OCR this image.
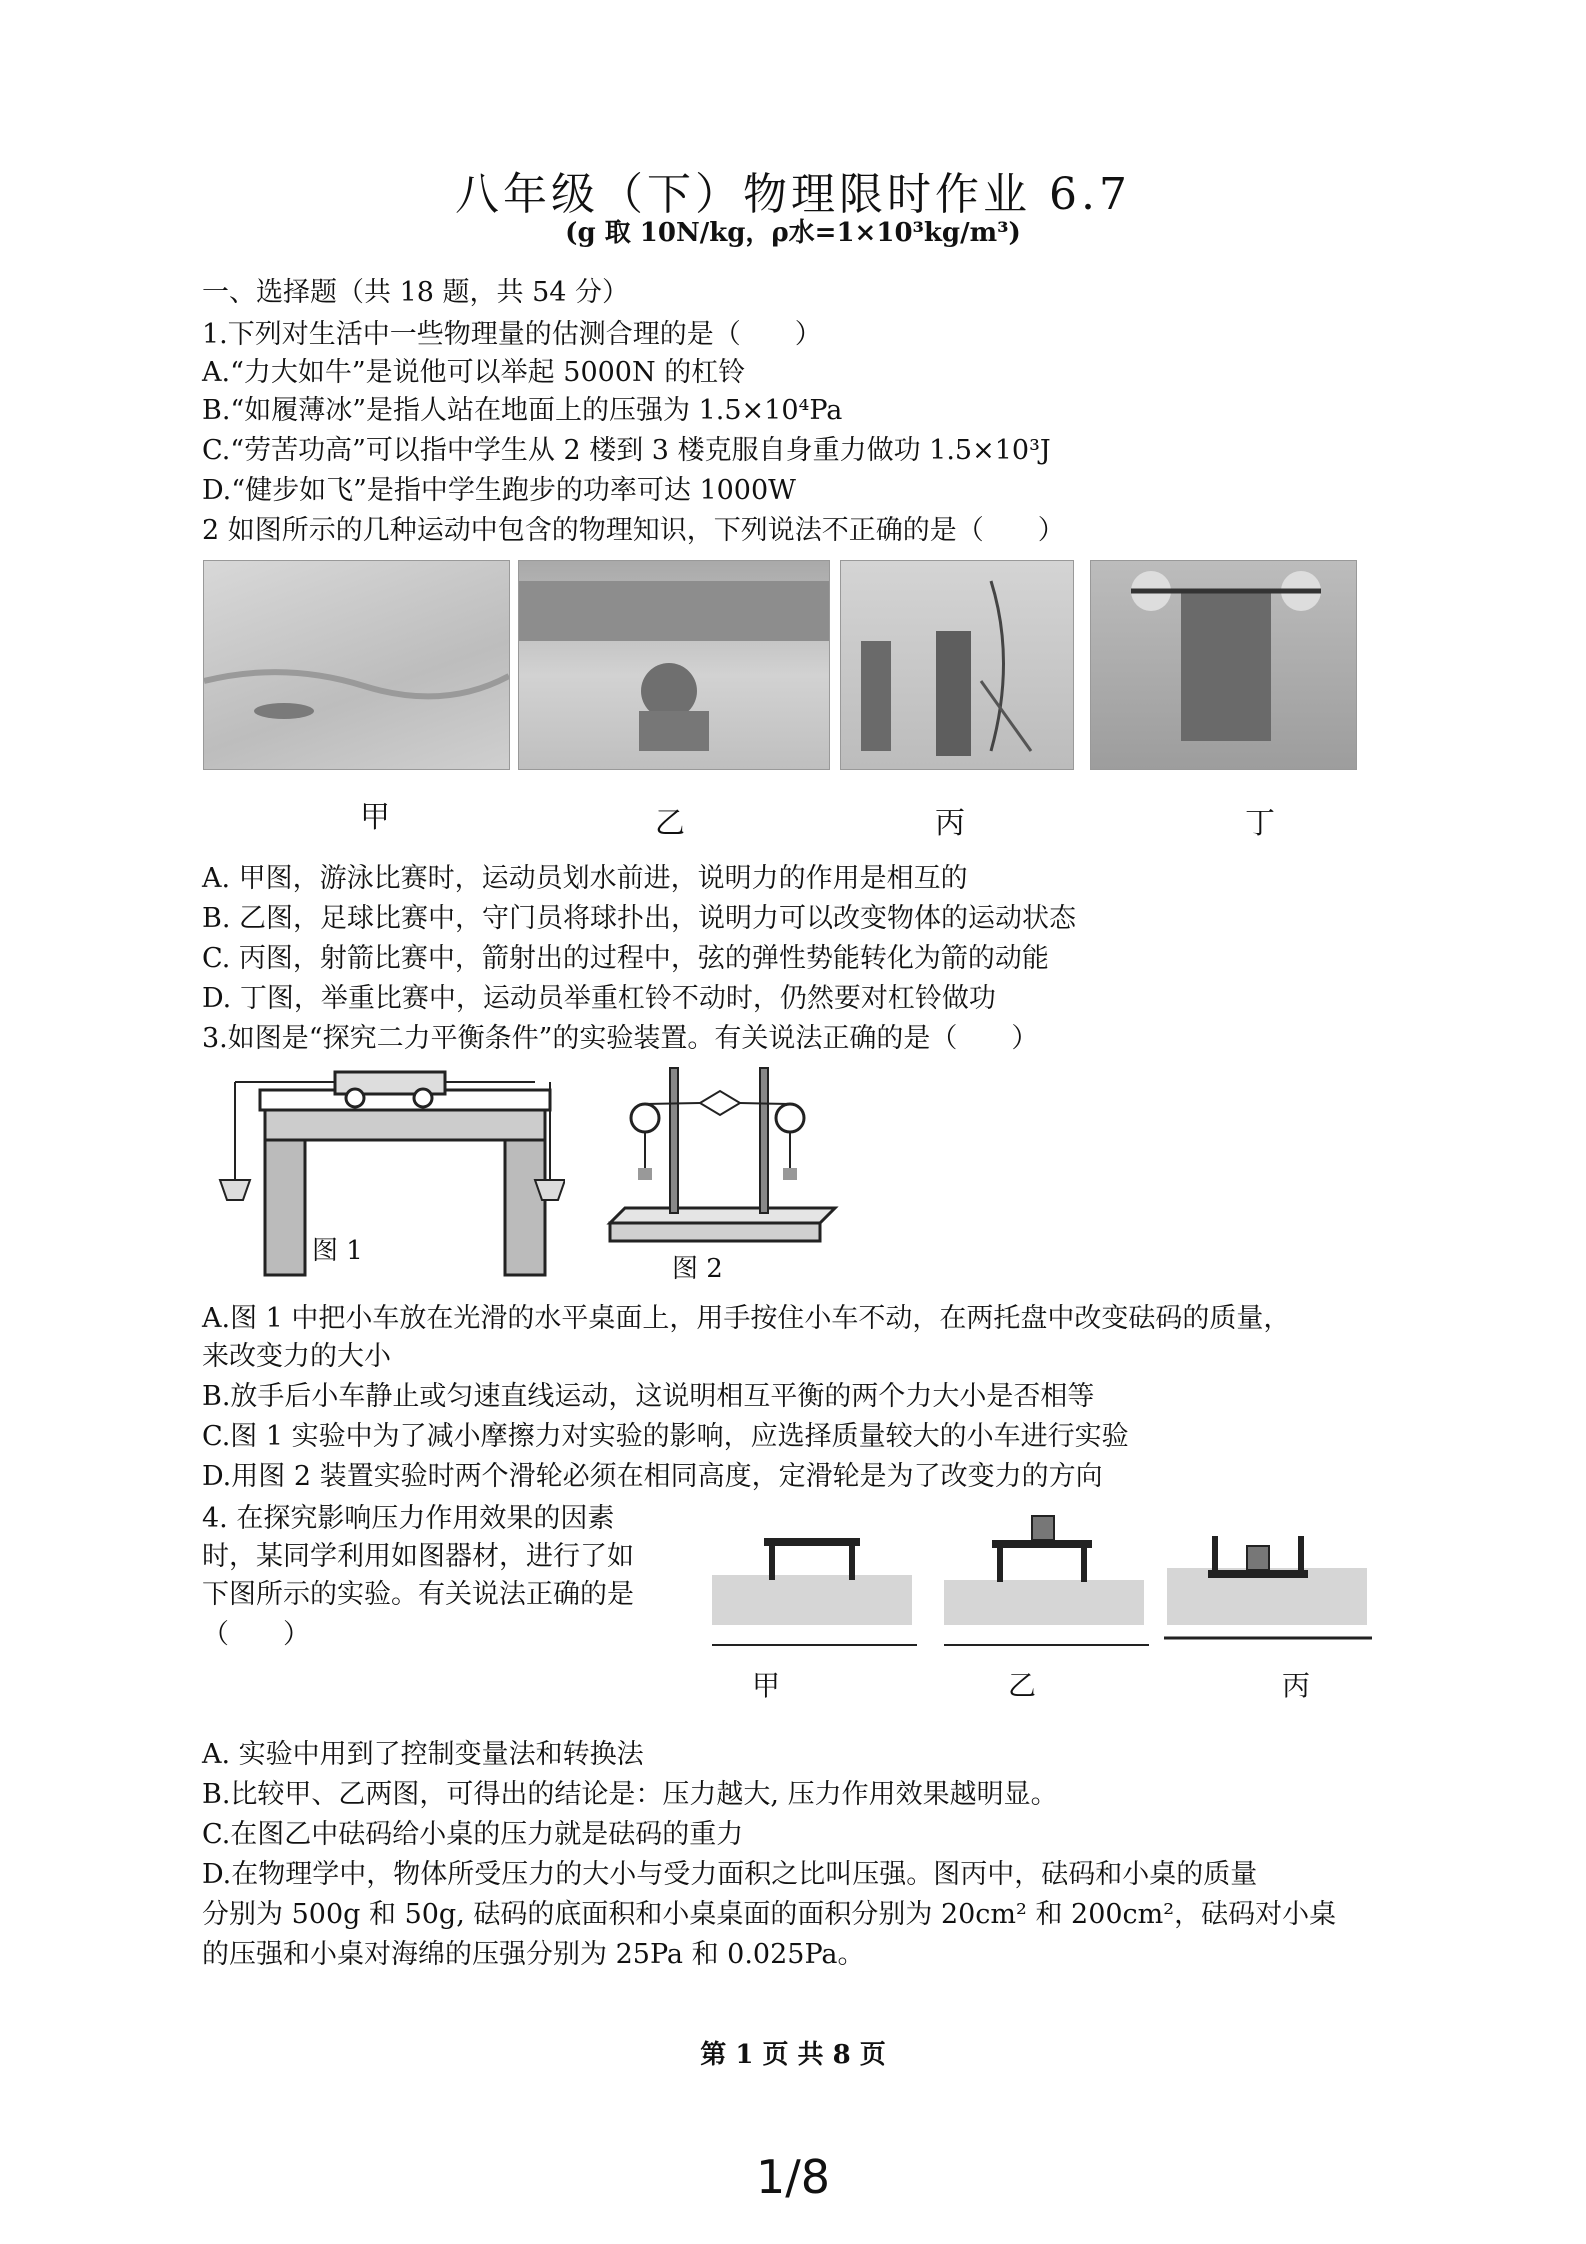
八年级（下）物理限时作业 6.7
(g 取 10N/kg，ρ水=1×10³kg/m³)
一、选择题（共 18 题，共 54 分）
1.下列对生活中一些物理量的估测合理的是（　　）
A.“力大如牛”是说他可以举起 5000N 的杠铃
B.“如履薄冰”是指人站在地面上的压强为 1.5×10⁴Pa
C.“劳苦功高”可以指中学生从 2 楼到 3 楼克服自身重力做功 1.5×10³J
D.“健步如飞”是指中学生跑步的功率可达 1000W
2 如图所示的几种运动中包含的物理知识，下列说法不正确的是（　　）
甲	乙	丙	丁
A. 甲图，游泳比赛时，运动员划水前进，说明力的作用是相互的
B. 乙图，足球比赛中，守门员将球扑出，说明力可以改变物体的运动状态
C. 丙图，射箭比赛中，箭射出的过程中，弦的弹性势能转化为箭的动能
D. 丁图，举重比赛中，运动员举重杠铃不动时，仍然要对杠铃做功
3.如图是“探究二力平衡条件”的实验装置。有关说法正确的是（　　）
图 1
图 2
A.图 1 中把小车放在光滑的水平桌面上，用手按住小车不动，在两托盘中改变砝码的质量，
来改变力的大小
B.放手后小车静止或匀速直线运动，这说明相互平衡的两个力大小是否相等
C.图 1 实验中为了减小摩擦力对实验的影响，应选择质量较大的小车进行实验
D.用图 2 装置实验时两个滑轮必须在相同高度，定滑轮是为了改变力的方向
4. 在探究影响压力作用效果的因素
时，某同学利用如图器材，进行了如
下图所示的实验。有关说法正确的是
（　　）
甲	乙	丙
A. 实验中用到了控制变量法和转换法
B.比较甲、乙两图，可得出的结论是：压力越大, 压力作用效果越明显。
C.在图乙中砝码给小桌的压力就是砝码的重力
D.在物理学中，物体所受压力的大小与受力面积之比叫压强。图丙中，砝码和小桌的质量
分别为 500g 和 50g, 砝码的底面积和小桌桌面的面积分别为 20cm² 和 200cm²，砝码对小桌
的压强和小桌对海绵的压强分别为 25Pa 和 0.025Pa。
第 1 页 共 8 页
1/8
